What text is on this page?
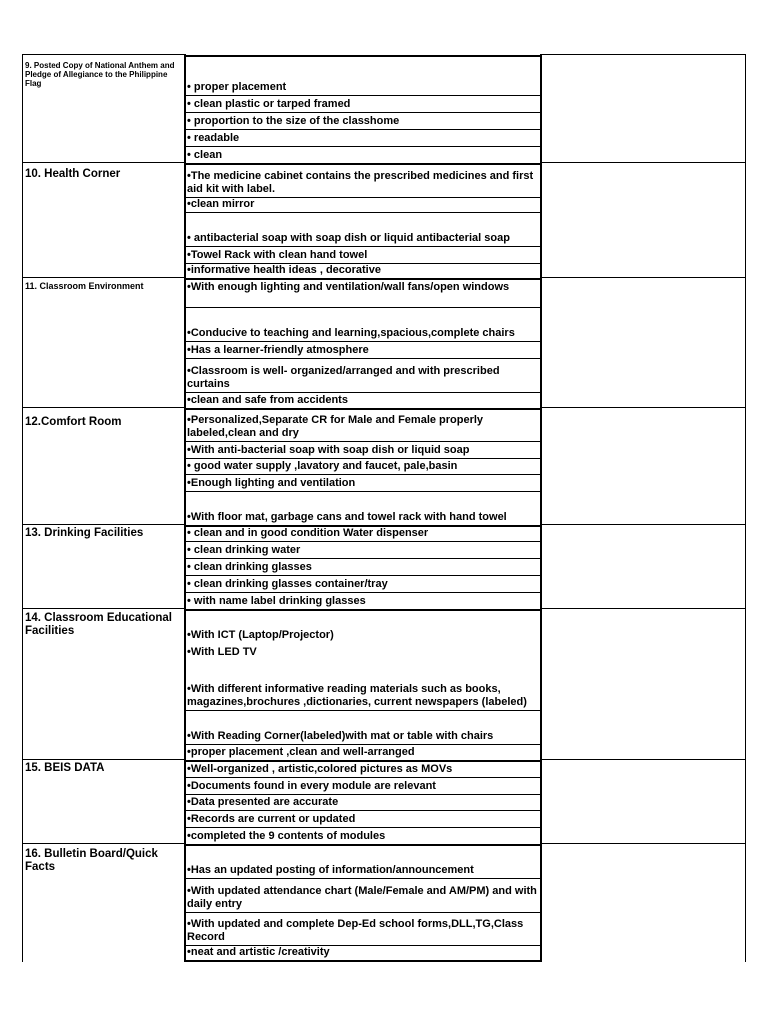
9. Posted Copy of National Anthem and Pledge of Allegiance to the Philippine Flag	• proper placement
• clean plastic or tarped framed
• proportion to the size of the classhome
• readable
• clean	

10. Health Corner	•The medicine cabinet contains the prescribed medicines and first aid kit with label.
•clean mirror
• antibacterial soap with soap dish or liquid antibacterial soap
•Towel Rack with clean hand towel
•informative health ideas , decorative	

11. Classroom Environment	•With enough lighting and ventilation/wall fans/open windows
•Conducive to teaching and learning,spacious,complete chairs
•Has a learner-friendly atmosphere
•Classroom is well- organized/arranged and with prescribed curtains
•clean and safe from accidents	

12.Comfort Room	•Personalized,Separate CR for Male and Female properly labeled,clean and dry
•With anti-bacterial soap with soap dish or liquid soap
• good water supply ,lavatory and faucet, pale,basin
•Enough lighting and ventilation
•With floor mat, garbage cans and towel rack with hand towel	

13. Drinking Facilities	• clean and in good condition Water dispenser
• clean drinking water
• clean drinking glasses
• clean drinking glasses container/tray
• with name label drinking glasses	

14. Classroom Educational Facilities	•With ICT (Laptop/Projector)
•With LED TV
•With different informative reading materials such as books, magazines,brochures ,dictionaries, current newspapers (labeled)
•With Reading Corner(labeled)with mat or table with chairs
•proper placement ,clean and well-arranged	

15. BEIS DATA	•Well-organized , artistic,colored pictures as MOVs
•Documents found in every module are relevant
•Data presented are accurate
•Records are current or updated
•completed the 9 contents of modules	

16. Bulletin Board/Quick Facts	•Has an updated posting of information/announcement
•With updated attendance chart (Male/Female and AM/PM) and with daily entry
•With updated and complete Dep-Ed school forms,DLL,TG,Class Record
•neat and artistic /creativity	
